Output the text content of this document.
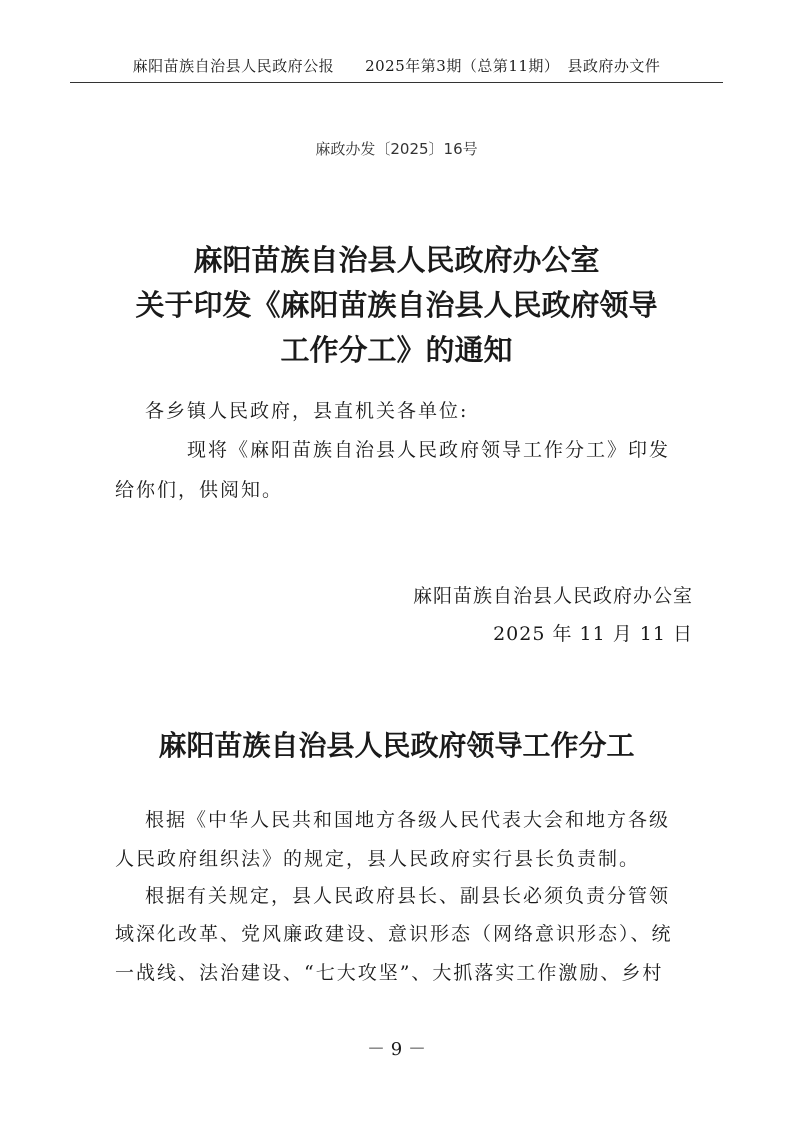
麻阳苗族自治县人民政府公报　　2025年第3期（总第11期）　县政府办文件
麻政办发〔2025〕16号
麻阳苗族自治县人民政府办公室
关于印发《麻阳苗族自治县人民政府领导
工作分工》的通知
各乡镇人民政府，县直机关各单位:
现将《麻阳苗族自治县人民政府领导工作分工》印发
给你们，供阅知。
麻阳苗族自治县人民政府办公室
2025 年 11 月 11 日
麻阳苗族自治县人民政府领导工作分工
根据《中华人民共和国地方各级人民代表大会和地方各级
人民政府组织法》的规定，县人民政府实行县长负责制。
根据有关规定，县人民政府县长、副县长必须负责分管领
域深化改革、党风廉政建设、意识形态（网络意识形态）、统
一战线、法治建设、“七大攻坚”、大抓落实工作激励、乡村
－ 9 －
